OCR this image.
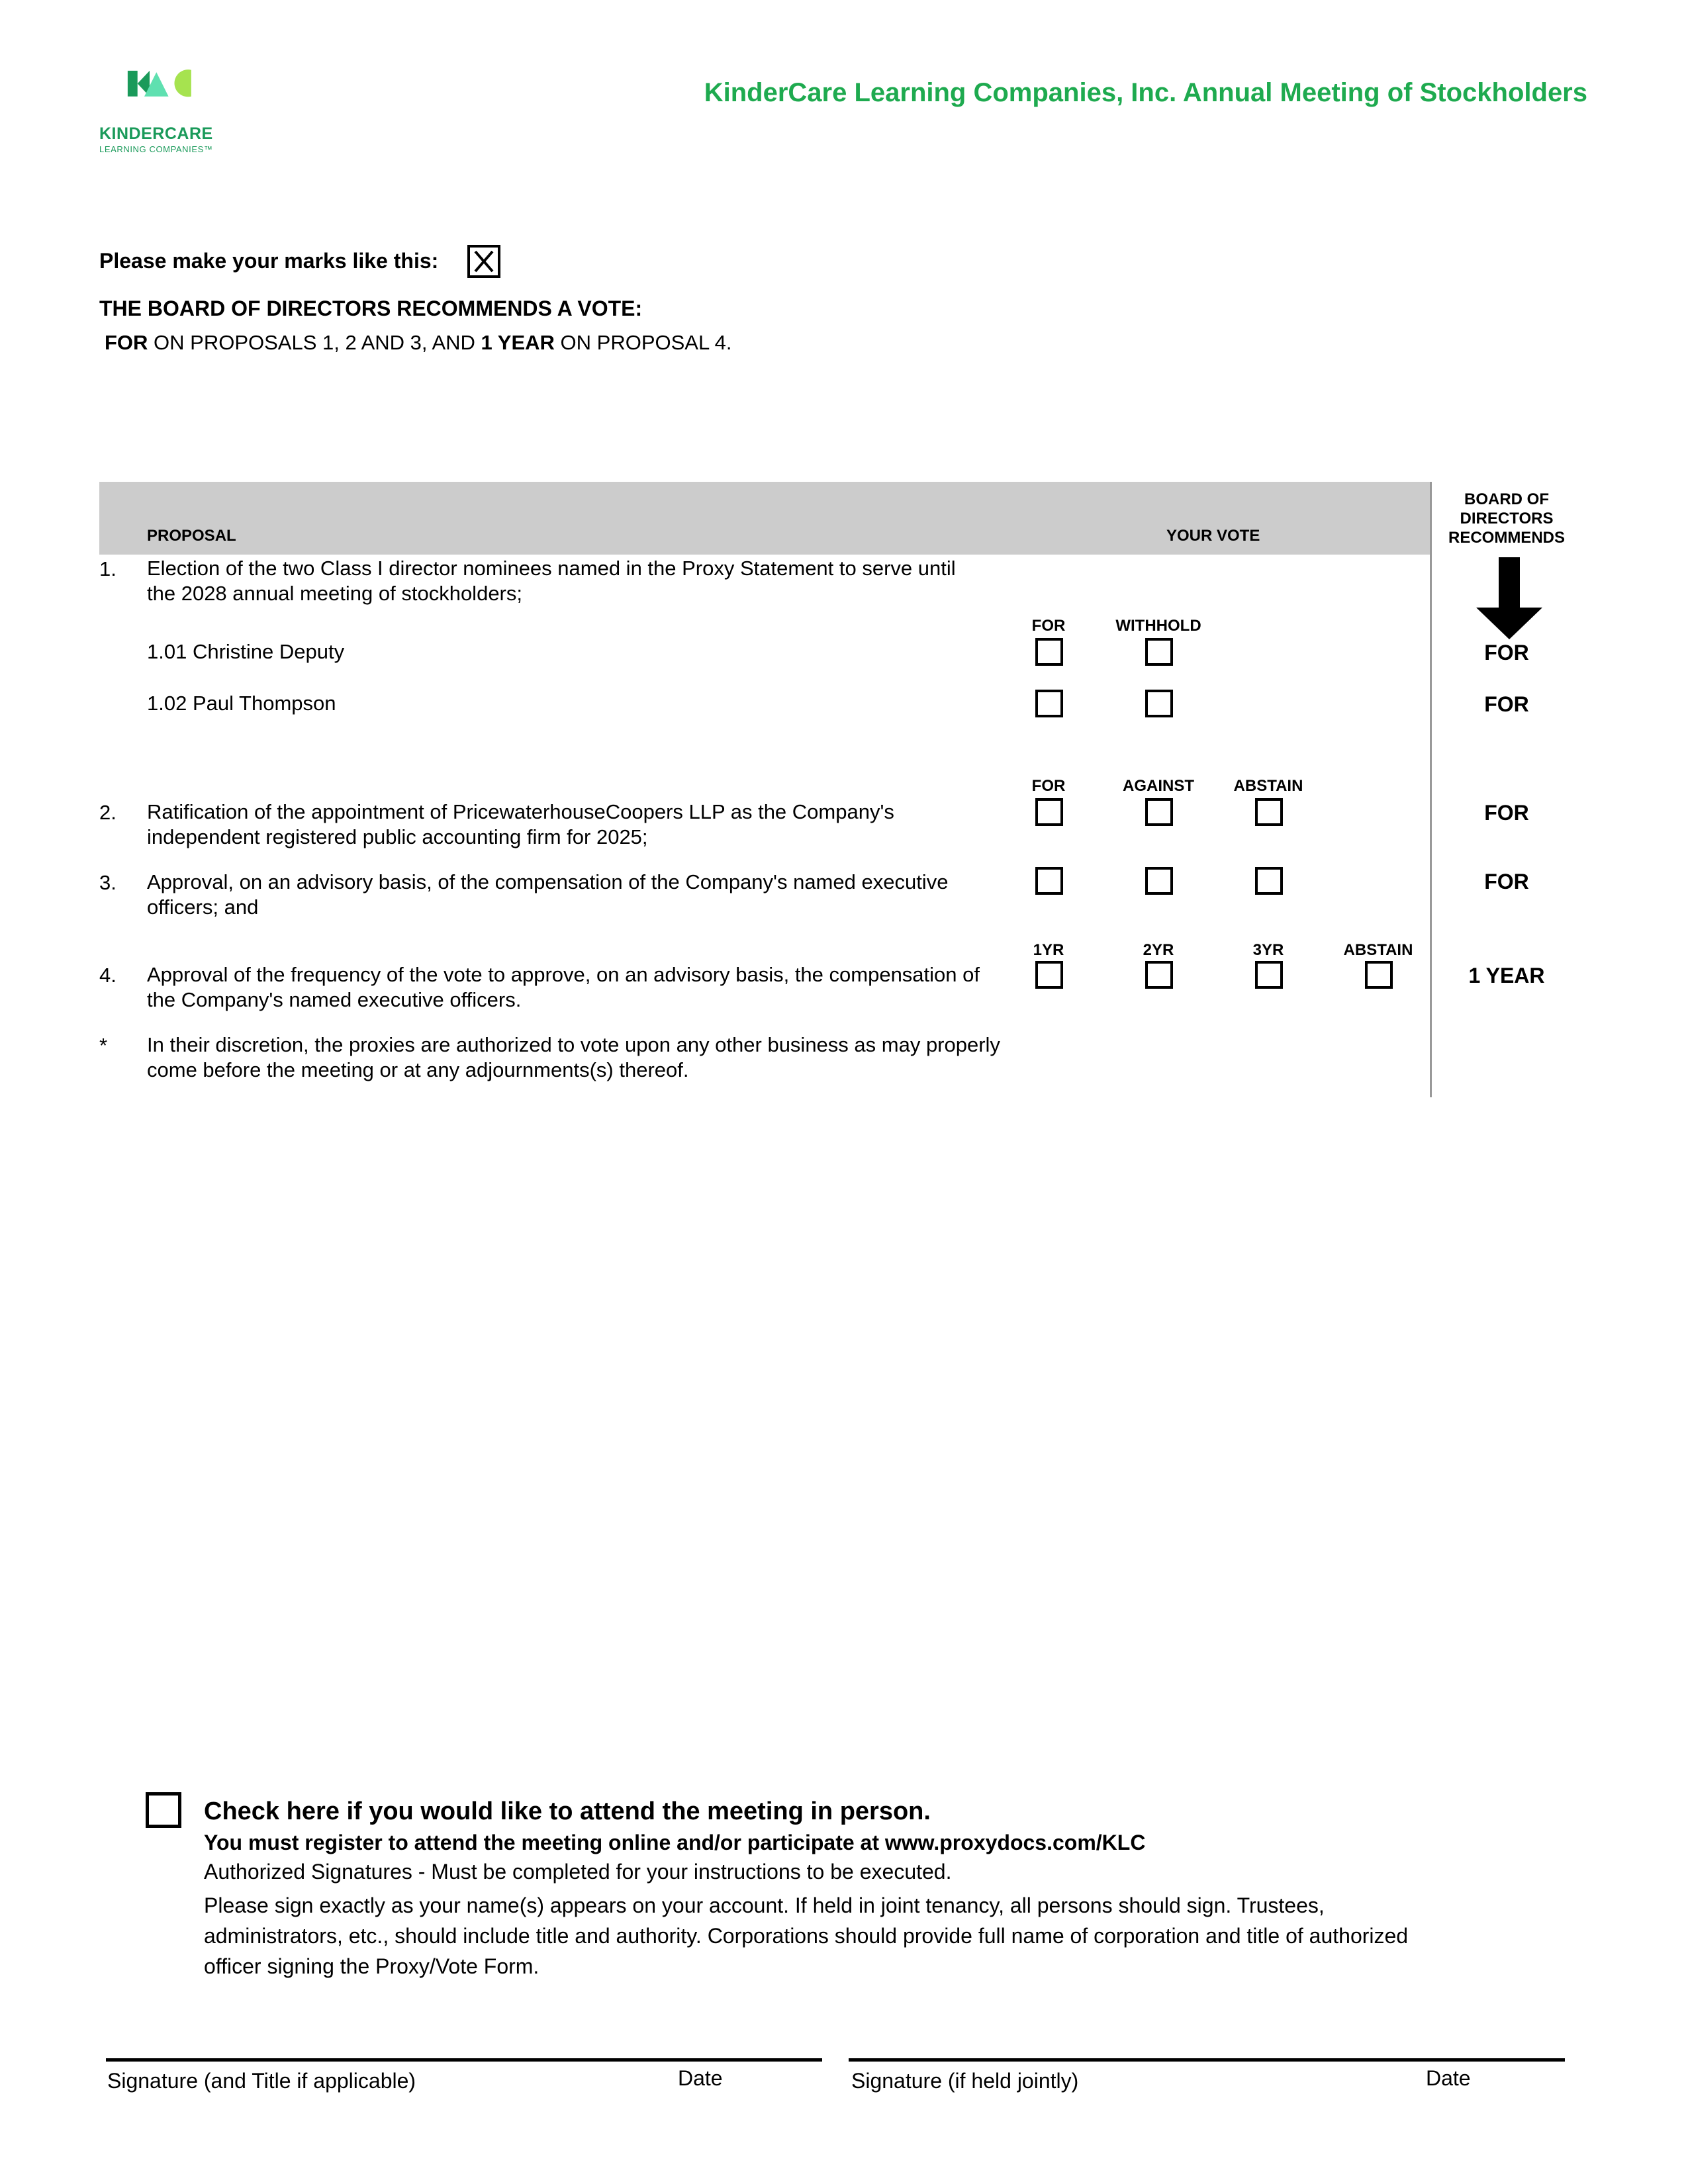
KINDERCARE
LEARNING COMPANIES™
KinderCare Learning Companies, Inc. Annual Meeting of Stockholders
Please make your marks like this:
THE BOARD OF DIRECTORS RECOMMENDS A VOTE:
FOR ON PROPOSALS 1, 2 AND 3, AND 1 YEAR ON PROPOSAL 4.
PROPOSAL	YOUR VOTE
BOARD OF DIRECTORS RECOMMENDS
1. Election of the two Class I director nominees named in the Proxy Statement to serve until the 2028 annual meeting of stockholders;
FOR	WITHHOLD
1.01 Christine Deputy	FOR
1.02 Paul Thompson	FOR
FOR	AGAINST	ABSTAIN
2. Ratification of the appointment of PricewaterhouseCoopers LLP as the Company's independent registered public accounting firm for 2025;
FOR
3. Approval, on an advisory basis, of the compensation of the Company's named executive officers; and
FOR
1YR	2YR	3YR	ABSTAIN
4. Approval of the frequency of the vote to approve, on an advisory basis, the compensation of the Company's named executive officers.
1 YEAR
* In their discretion, the proxies are authorized to vote upon any other business as may properly come before the meeting or at any adjournments(s) thereof.
Check here if you would like to attend the meeting in person.
You must register to attend the meeting online and/or participate at www.proxydocs.com/KLC
Authorized Signatures - Must be completed for your instructions to be executed.
Please sign exactly as your name(s) appears on your account. If held in joint tenancy, all persons should sign. Trustees, administrators, etc., should include title and authority. Corporations should provide full name of corporation and title of authorized officer signing the Proxy/Vote Form.
Signature (and Title if applicable)	Date	Signature (if held jointly)	Date
